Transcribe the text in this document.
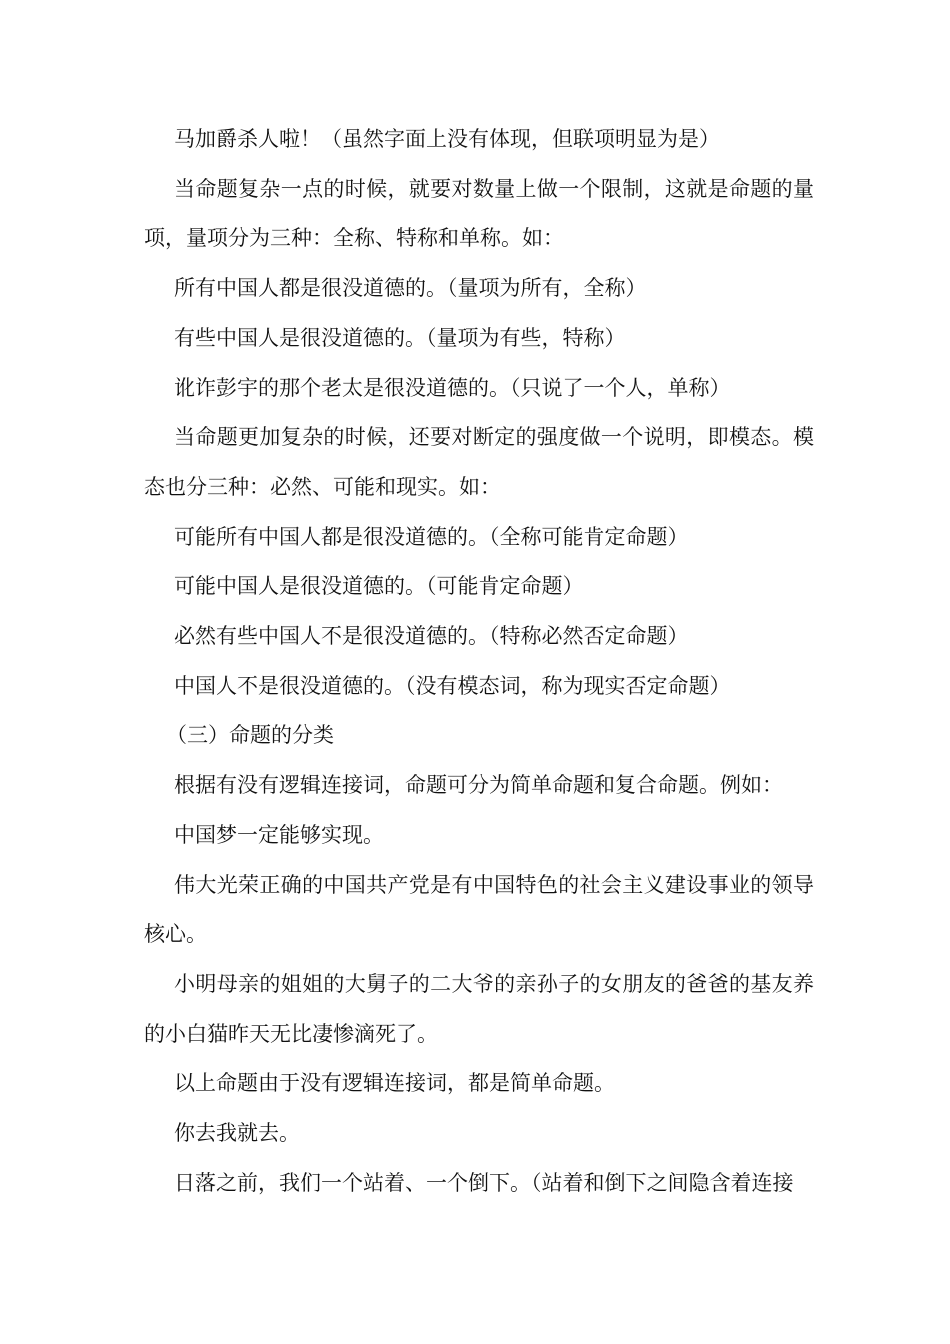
马加爵杀人啦！（虽然字面上没有体现，但联项明显为是）

当命题复杂一点的时候，就要对数量上做一个限制，这就是命题的量项，量项分为三种：全称、特称和单称。如：

所有中国人都是很没道德的。（量项为所有，全称）

有些中国人是很没道德的。（量项为有些，特称）

讹诈彭宇的那个老太是很没道德的。（只说了一个人，单称）

当命题更加复杂的时候，还要对断定的强度做一个说明，即模态。模态也分三种：必然、可能和现实。如：

可能所有中国人都是很没道德的。（全称可能肯定命题）

可能中国人是很没道德的。（可能肯定命题）

必然有些中国人不是很没道德的。（特称必然否定命题）

中国人不是很没道德的。（没有模态词，称为现实否定命题）

（三）命题的分类

根据有没有逻辑连接词，命题可分为简单命题和复合命题。例如：

中国梦一定能够实现。

伟大光荣正确的中国共产党是有中国特色的社会主义建设事业的领导核心。

小明母亲的姐姐的大舅子的二大爷的亲孙子的女朋友的爸爸的基友养的小白猫昨天无比凄惨滴死了。

以上命题由于没有逻辑连接词，都是简单命题。

你去我就去。

日落之前，我们一个站着、一个倒下。（站着和倒下之间隐含着连接
